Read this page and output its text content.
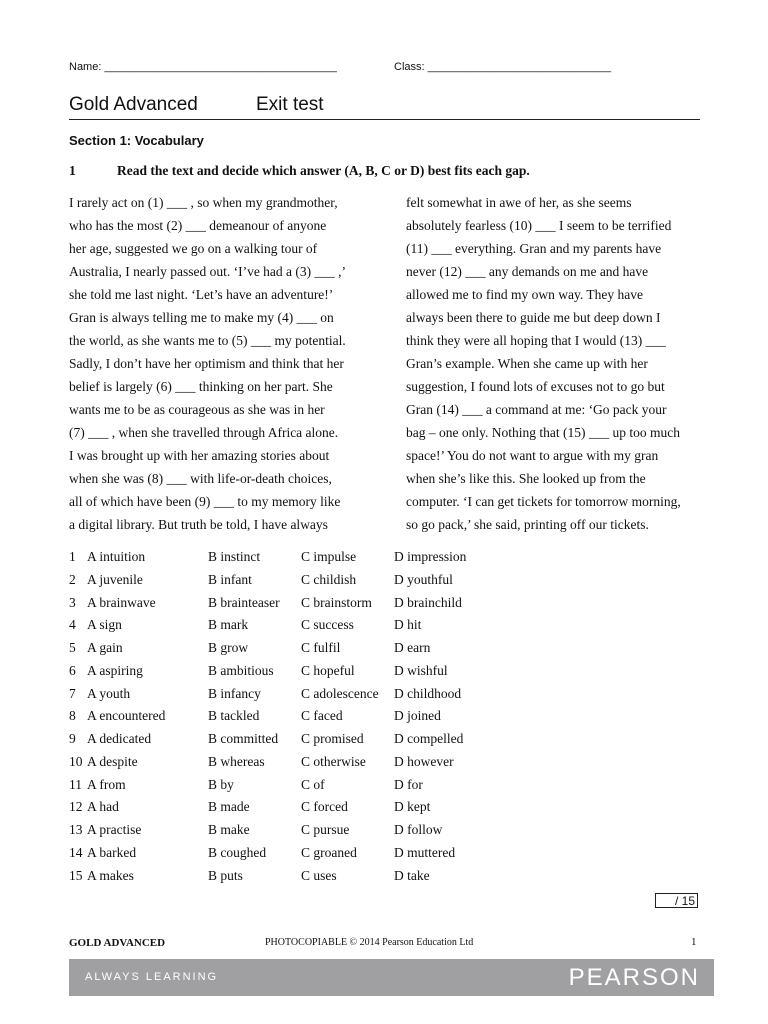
Name: ______________________________________	Class: ______________________________
Gold Advanced	Exit test
Section 1: Vocabulary
1	Read the text and decide which answer (A, B, C or D) best fits each gap.
I rarely act on (1) ___ , so when my grandmother,
who has the most (2) ___ demeanour of anyone
her age, suggested we go on a walking tour of
Australia, I nearly passed out. ‘I’ve had a (3) ___ ,’
she told me last night. ‘Let’s have an adventure!’
Gran is always telling me to make my (4) ___ on
the world, as she wants me to (5) ___ my potential.
Sadly, I don’t have her optimism and think that her
belief is largely (6) ___ thinking on her part. She
wants me to be as courageous as she was in her
(7) ___ , when she travelled through Africa alone.
I was brought up with her amazing stories about
when she was (8) ___ with life-or-death choices,
all of which have been (9) ___ to my memory like
a digital library. But truth be told, I have always
felt somewhat in awe of her, as she seems
absolutely fearless (10) ___ I seem to be terrified
(11) ___ everything. Gran and my parents have
never (12) ___ any demands on me and have
allowed me to find my own way. They have
always been there to guide me but deep down I
think they were all hoping that I would (13) ___
Gran’s example. When she came up with her
suggestion, I found lots of excuses not to go but
Gran (14) ___ a command at me: ‘Go pack your
bag – one only. Nothing that (15) ___ up too much
space!’ You do not want to argue with my gran
when she’s like this. She looked up from the
computer. ‘I can get tickets for tomorrow morning,
so go pack,’ she said, printing off our tickets.
1 A intuition	B instinct	C impulse	D impression
2 A juvenile	B infant	C childish	D youthful
3 A brainwave	B brainteaser C brainstorm D brainchild
4 A sign	B mark	C success	D hit
5 A gain	B grow	C fulfil	D earn
6 A aspiring	B ambitious C hopeful	D wishful
7 A youth	B infancy	C adolescence D childhood
8 A encountered	B tackled	C faced	D joined
9 A dedicated	B committed C promised D compelled
10 A despite	B whereas	C otherwise D however
11 A from	B by	C of	D for
12 A had	B made	C forced	D kept
13 A practise	B make	C pursue	D follow
14 A barked	B coughed	C groaned	D muttered
15 A makes	B puts	C uses	D take
/ 15
GOLD ADVANCED	PHOTOCOPIABLE © 2014 Pearson Education Ltd	1
ALWAYS LEARNING	PEARSON
